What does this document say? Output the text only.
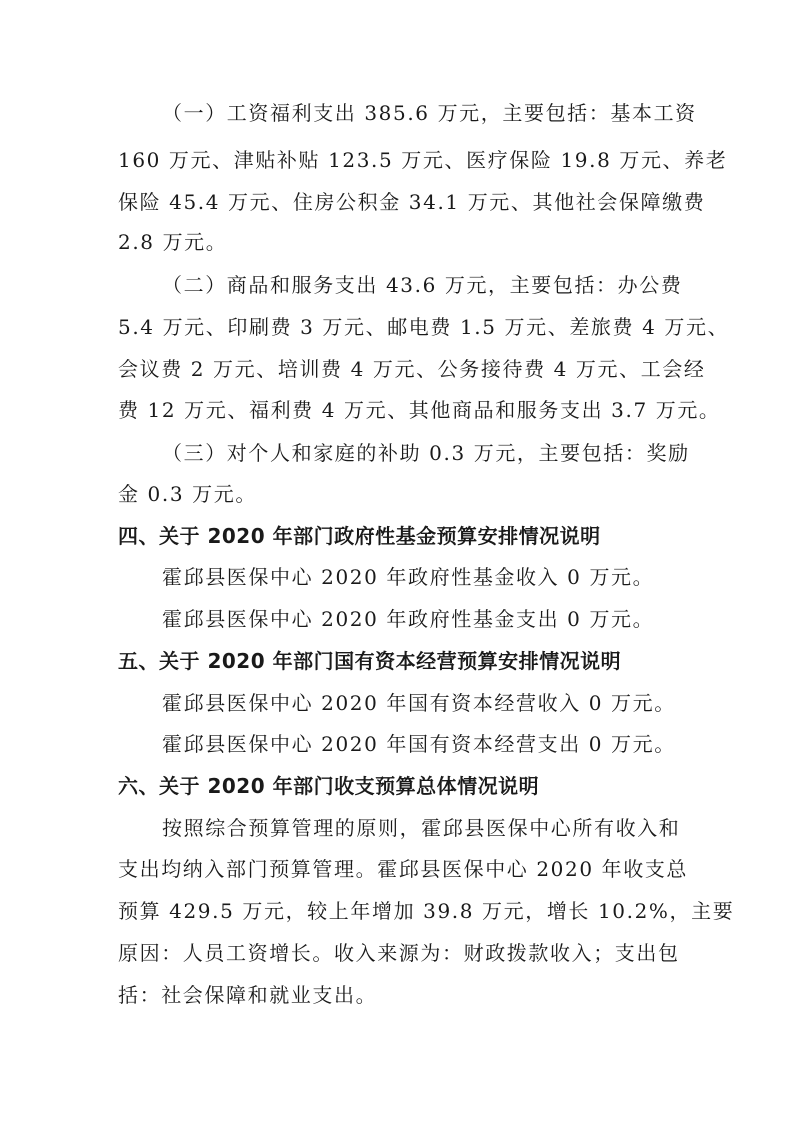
（一）工资福利支出 385.6 万元，主要包括：基本工资
160 万元、津贴补贴 123.5 万元、医疗保险 19.8 万元、养老
保险 45.4 万元、住房公积金 34.1 万元、其他社会保障缴费
2.8 万元。
（二）商品和服务支出 43.6 万元，主要包括：办公费
5.4 万元、印刷费 3 万元、邮电费 1.5 万元、差旅费 4 万元、
会议费 2 万元、培训费 4 万元、公务接待费 4 万元、工会经
费 12 万元、福利费 4 万元、其他商品和服务支出 3.7 万元。
（三）对个人和家庭的补助 0.3 万元，主要包括：奖励
金 0.3 万元。
四、关于 2020 年部门政府性基金预算安排情况说明
霍邱县医保中心 2020 年政府性基金收入 0 万元。
霍邱县医保中心 2020 年政府性基金支出 0 万元。
五、关于 2020 年部门国有资本经营预算安排情况说明
霍邱县医保中心 2020 年国有资本经营收入 0 万元。
霍邱县医保中心 2020 年国有资本经营支出 0 万元。
六、关于 2020 年部门收支预算总体情况说明
按照综合预算管理的原则，霍邱县医保中心所有收入和
支出均纳入部门预算管理。霍邱县医保中心 2020 年收支总
预算 429.5 万元，较上年增加 39.8 万元，增长 10.2%，主要
原因：人员工资增长。收入来源为：财政拨款收入；支出包
括：社会保障和就业支出。
